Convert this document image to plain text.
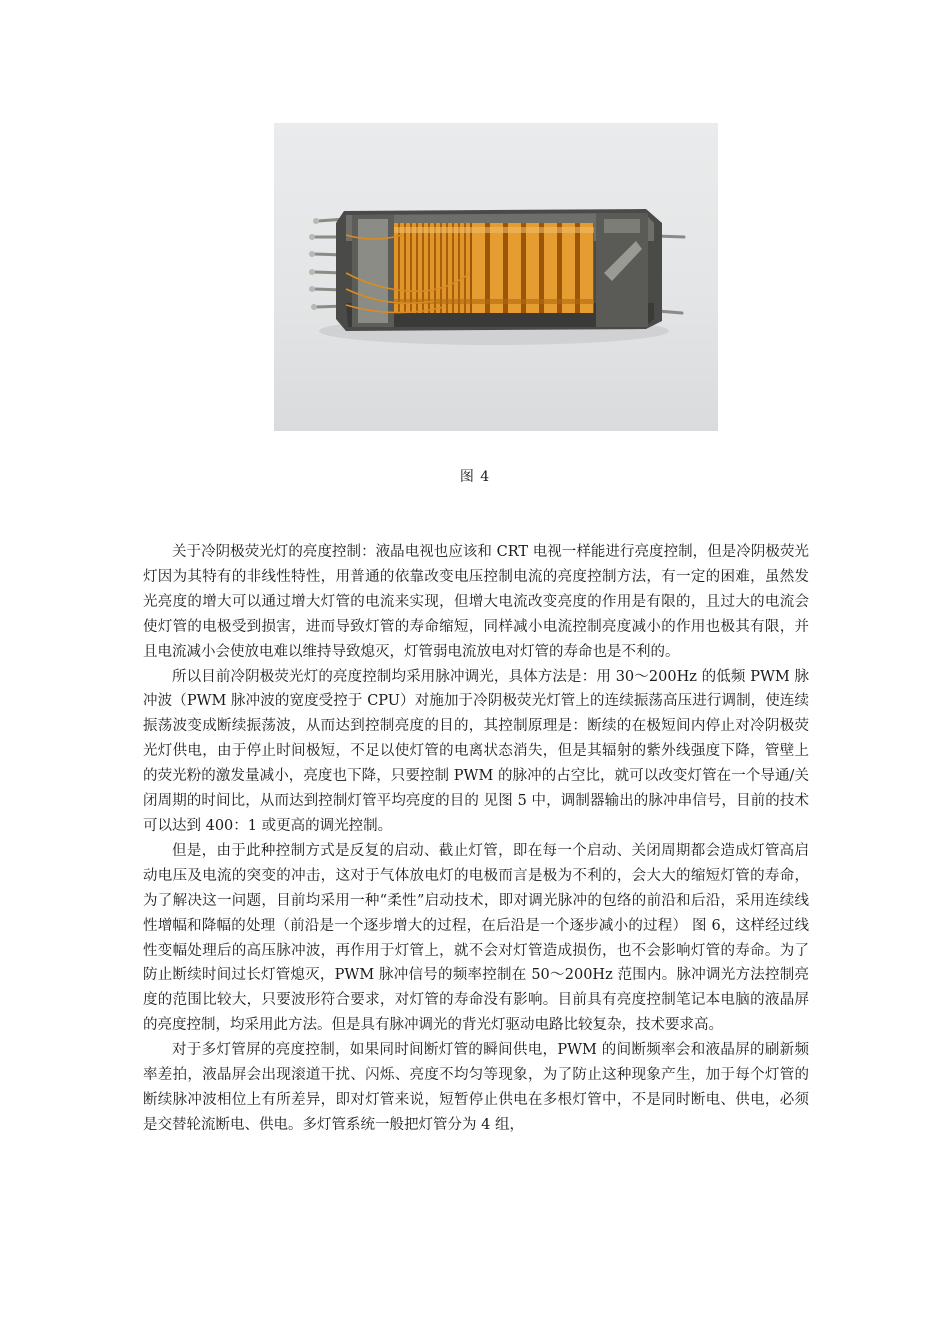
图 4

关于冷阴极荧光灯的亮度控制：液晶电视也应该和 CRT 电视一样能进行亮度控制，但是冷阴极荧光灯因为其特有的非线性特性，用普通的依靠改变电压控制电流的亮度控制方法，有一定的困难，虽然发光亮度的增大可以通过增大灯管的电流来实现，但增大电流改变亮度的作用是有限的，且过大的电流会使灯管的电极受到损害，进而导致灯管的寿命缩短，同样减小电流控制亮度减小的作用也极其有限，并且电流减小会使放电难以维持导致熄灭，灯管弱电流放电对灯管的寿命也是不利的。

所以目前冷阴极荧光灯的亮度控制均采用脉冲调光，具体方法是：用 30～200Hz 的低频 PWM 脉冲波（PWM 脉冲波的宽度受控于 CPU）对施加于冷阴极荧光灯管上的连续振荡高压进行调制，使连续振荡波变成断续振荡波，从而达到控制亮度的目的，其控制原理是：断续的在极短间内停止对冷阴极荧光灯供电，由于停止时间极短，不足以使灯管的电离状态消失，但是其辐射的紫外线强度下降，管壁上的荧光粉的激发量减小，亮度也下降，只要控制 PWM 的脉冲的占空比，就可以改变灯管在一个导通/关闭周期的时间比，从而达到控制灯管平均亮度的目的 见图 5 中，调制器输出的脉冲串信号，目前的技术可以达到 400：1 或更高的调光控制。

但是，由于此种控制方式是反复的启动、截止灯管，即在每一个启动、关闭周期都会造成灯管高启动电压及电流的突变的冲击，这对于气体放电灯的电极而言是极为不利的，会大大的缩短灯管的寿命，为了解决这一问题，目前均采用一种“柔性”启动技术，即对调光脉冲的包络的前沿和后沿，采用连续线性增幅和降幅的处理（前沿是一个逐步增大的过程，在后沿是一个逐步减小的过程） 图 6，这样经过线性变幅处理后的高压脉冲波，再作用于灯管上，就不会对灯管造成损伤，也不会影响灯管的寿命。为了防止断续时间过长灯管熄灭，PWM 脉冲信号的频率控制在 50～200Hz 范围内。脉冲调光方法控制亮度的范围比较大，只要波形符合要求，对灯管的寿命没有影响。目前具有亮度控制笔记本电脑的液晶屏的亮度控制，均采用此方法。但是具有脉冲调光的背光灯驱动电路比较复杂，技术要求高。

对于多灯管屏的亮度控制，如果同时间断灯管的瞬间供电，PWM 的间断频率会和液晶屏的刷新频率差拍，液晶屏会出现滚道干扰、闪烁、亮度不均匀等现象，为了防止这种现象产生，加于每个灯管的断续脉冲波相位上有所差异，即对灯管来说，短暂停止供电在多根灯管中，不是同时断电、供电，必须是交替轮流断电、供电。多灯管系统一般把灯管分为 4 组，
